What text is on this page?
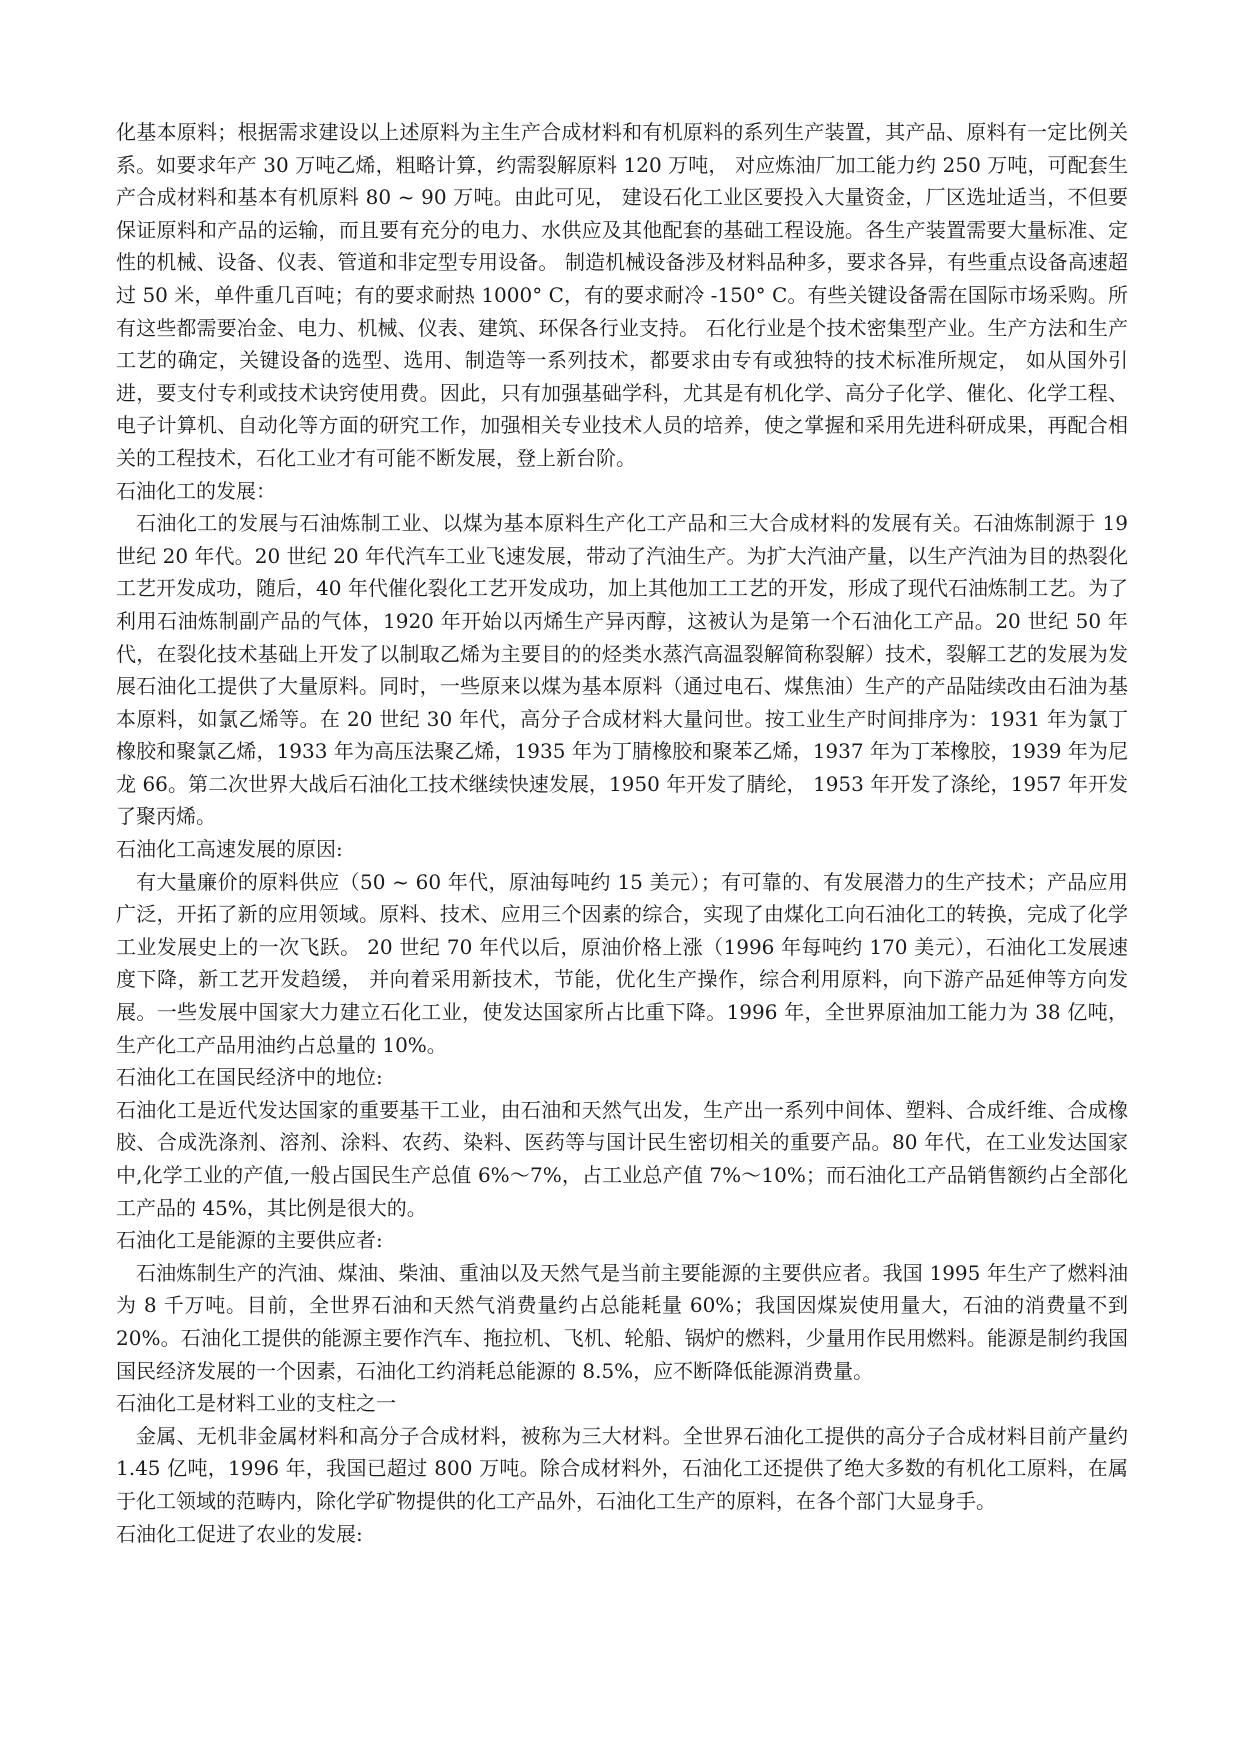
化基本原料；根据需求建设以上述原料为主生产合成材料和有机原料的系列生产装置，其产品、原料有一定比例关系。如要求年产 30 万吨乙烯，粗略计算，约需裂解原料 120 万吨， 对应炼油厂加工能力约 250 万吨，可配套生产合成材料和基本有机原料 80 ~ 90 万吨。由此可见， 建设石化工业区要投入大量资金，厂区选址适当，不但要保证原料和产品的运输，而且要有充分的电力、水供应及其他配套的基础工程设施。各生产装置需要大量标准、定性的机械、设备、仪表、管道和非定型专用设备。 制造机械设备涉及材料品种多，要求各异，有些重点设备高速超过 50 米，单件重几百吨；有的要求耐热 1000° C，有的要求耐冷 -150° C。有些关键设备需在国际市场采购。所有这些都需要冶金、电力、机械、仪表、建筑、环保各行业支持。 石化行业是个技术密集型产业。生产方法和生产工艺的确定，关键设备的选型、选用、制造等一系列技术，都要求由专有或独特的技术标准所规定， 如从国外引进，要支付专利或技术诀窍使用费。因此，只有加强基础学科，尤其是有机化学、高分子化学、催化、化学工程、电子计算机、自动化等方面的研究工作，加强相关专业技术人员的培养，使之掌握和采用先进科研成果，再配合相关的工程技术，石化工业才有可能不断发展，登上新台阶。

石油化工的发展：

石油化工的发展与石油炼制工业、以煤为基本原料生产化工产品和三大合成材料的发展有关。石油炼制源于 19 世纪 20 年代。20 世纪 20 年代汽车工业飞速发展，带动了汽油生产。为扩大汽油产量，以生产汽油为目的热裂化工艺开发成功，随后，40 年代催化裂化工艺开发成功，加上其他加工工艺的开发，形成了现代石油炼制工艺。为了利用石油炼制副产品的气体，1920 年开始以丙烯生产异丙醇，这被认为是第一个石油化工产品。20 世纪 50 年代，在裂化技术基础上开发了以制取乙烯为主要目的的烃类水蒸汽高温裂解简称裂解）技术，裂解工艺的发展为发展石油化工提供了大量原料。同时，一些原来以煤为基本原料（通过电石、煤焦油）生产的产品陆续改由石油为基本原料，如氯乙烯等。在 20 世纪 30 年代，高分子合成材料大量问世。按工业生产时间排序为：1931 年为氯丁橡胶和聚氯乙烯，1933 年为高压法聚乙烯，1935 年为丁腈橡胶和聚苯乙烯，1937 年为丁苯橡胶，1939 年为尼龙 66。第二次世界大战后石油化工技术继续快速发展，1950 年开发了腈纶， 1953 年开发了涤纶，1957 年开发了聚丙烯。

石油化工高速发展的原因:

有大量廉价的原料供应（50 ~ 60 年代，原油每吨约 15 美元）；有可靠的、有发展潜力的生产技术；产品应用广泛，开拓了新的应用领域。原料、技术、应用三个因素的综合，实现了由煤化工向石油化工的转换，完成了化学工业发展史上的一次飞跃。 20 世纪 70 年代以后，原油价格上涨（1996 年每吨约 170 美元），石油化工发展速度下降，新工艺开发趋缓， 并向着采用新技术，节能，优化生产操作，综合利用原料，向下游产品延伸等方向发展。一些发展中国家大力建立石化工业，使发达国家所占比重下降。1996 年，全世界原油加工能力为 38 亿吨，生产化工产品用油约占总量的 10%。

石油化工在国民经济中的地位:

石油化工是近代发达国家的重要基干工业，由石油和天然气出发，生产出一系列中间体、塑料、合成纤维、合成橡胶、合成洗涤剂、溶剂、涂料、农药、染料、医药等与国计民生密切相关的重要产品。80 年代，在工业发达国家中,化学工业的产值,一般占国民生产总值 6%～7%，占工业总产值 7%～10%；而石油化工产品销售额约占全部化工产品的 45%，其比例是很大的。

石油化工是能源的主要供应者:

石油炼制生产的汽油、煤油、柴油、重油以及天然气是当前主要能源的主要供应者。我国 1995 年生产了燃料油为 8 千万吨。目前，全世界石油和天然气消费量约占总能耗量 60%；我国因煤炭使用量大，石油的消费量不到 20%。石油化工提供的能源主要作汽车、拖拉机、飞机、轮船、锅炉的燃料，少量用作民用燃料。能源是制约我国国民经济发展的一个因素，石油化工约消耗总能源的 8.5%，应不断降低能源消费量。

石油化工是材料工业的支柱之一

金属、无机非金属材料和高分子合成材料，被称为三大材料。全世界石油化工提供的高分子合成材料目前产量约 1.45 亿吨，1996 年，我国已超过 800 万吨。除合成材料外，石油化工还提供了绝大多数的有机化工原料，在属于化工领域的范畴内，除化学矿物提供的化工产品外，石油化工生产的原料，在各个部门大显身手。

石油化工促进了农业的发展:
